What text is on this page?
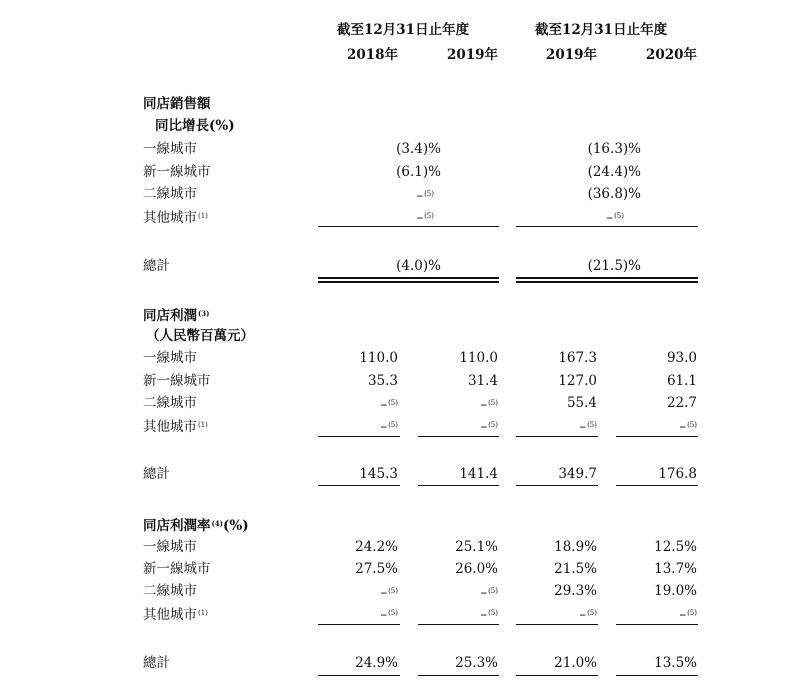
截至12月31日止年度	截至12月31日止年度
2018年	2019年	2019年	2020年
同店銷售額
同比增長(%)
一線城市	(3.4)%	(16.3)%
新一線城市	(6.1)%	(24.4)%
二線城市	–$^{(5)}$	(36.8)%
其他城市$^{(1)}$	–$^{(5)}$	–$^{(5)}$
總計	(4.0)%	(21.5)%
同店利潤$^{(3)}$
（人民幣百萬元）
一線城市	110.0	110.0	167.3	93.0
新一線城市	35.3	31.4	127.0	61.1
二線城市	–$^{(5)}$	–$^{(5)}$	55.4	22.7
其他城市$^{(1)}$	–$^{(5)}$	–$^{(5)}$	–$^{(5)}$	–$^{(5)}$
總計	145.3	141.4	349.7	176.8
同店利潤率$^{(4)}$(%)
一線城市	24.2%	25.1%	18.9%	12.5%
新一線城市	27.5%	26.0%	21.5%	13.7%
二線城市	–$^{(5)}$	–$^{(5)}$	29.3%	19.0%
其他城市$^{(1)}$	–$^{(5)}$	–$^{(5)}$	–$^{(5)}$	–$^{(5)}$
總計	24.9%	25.3%	21.0%	13.5%
